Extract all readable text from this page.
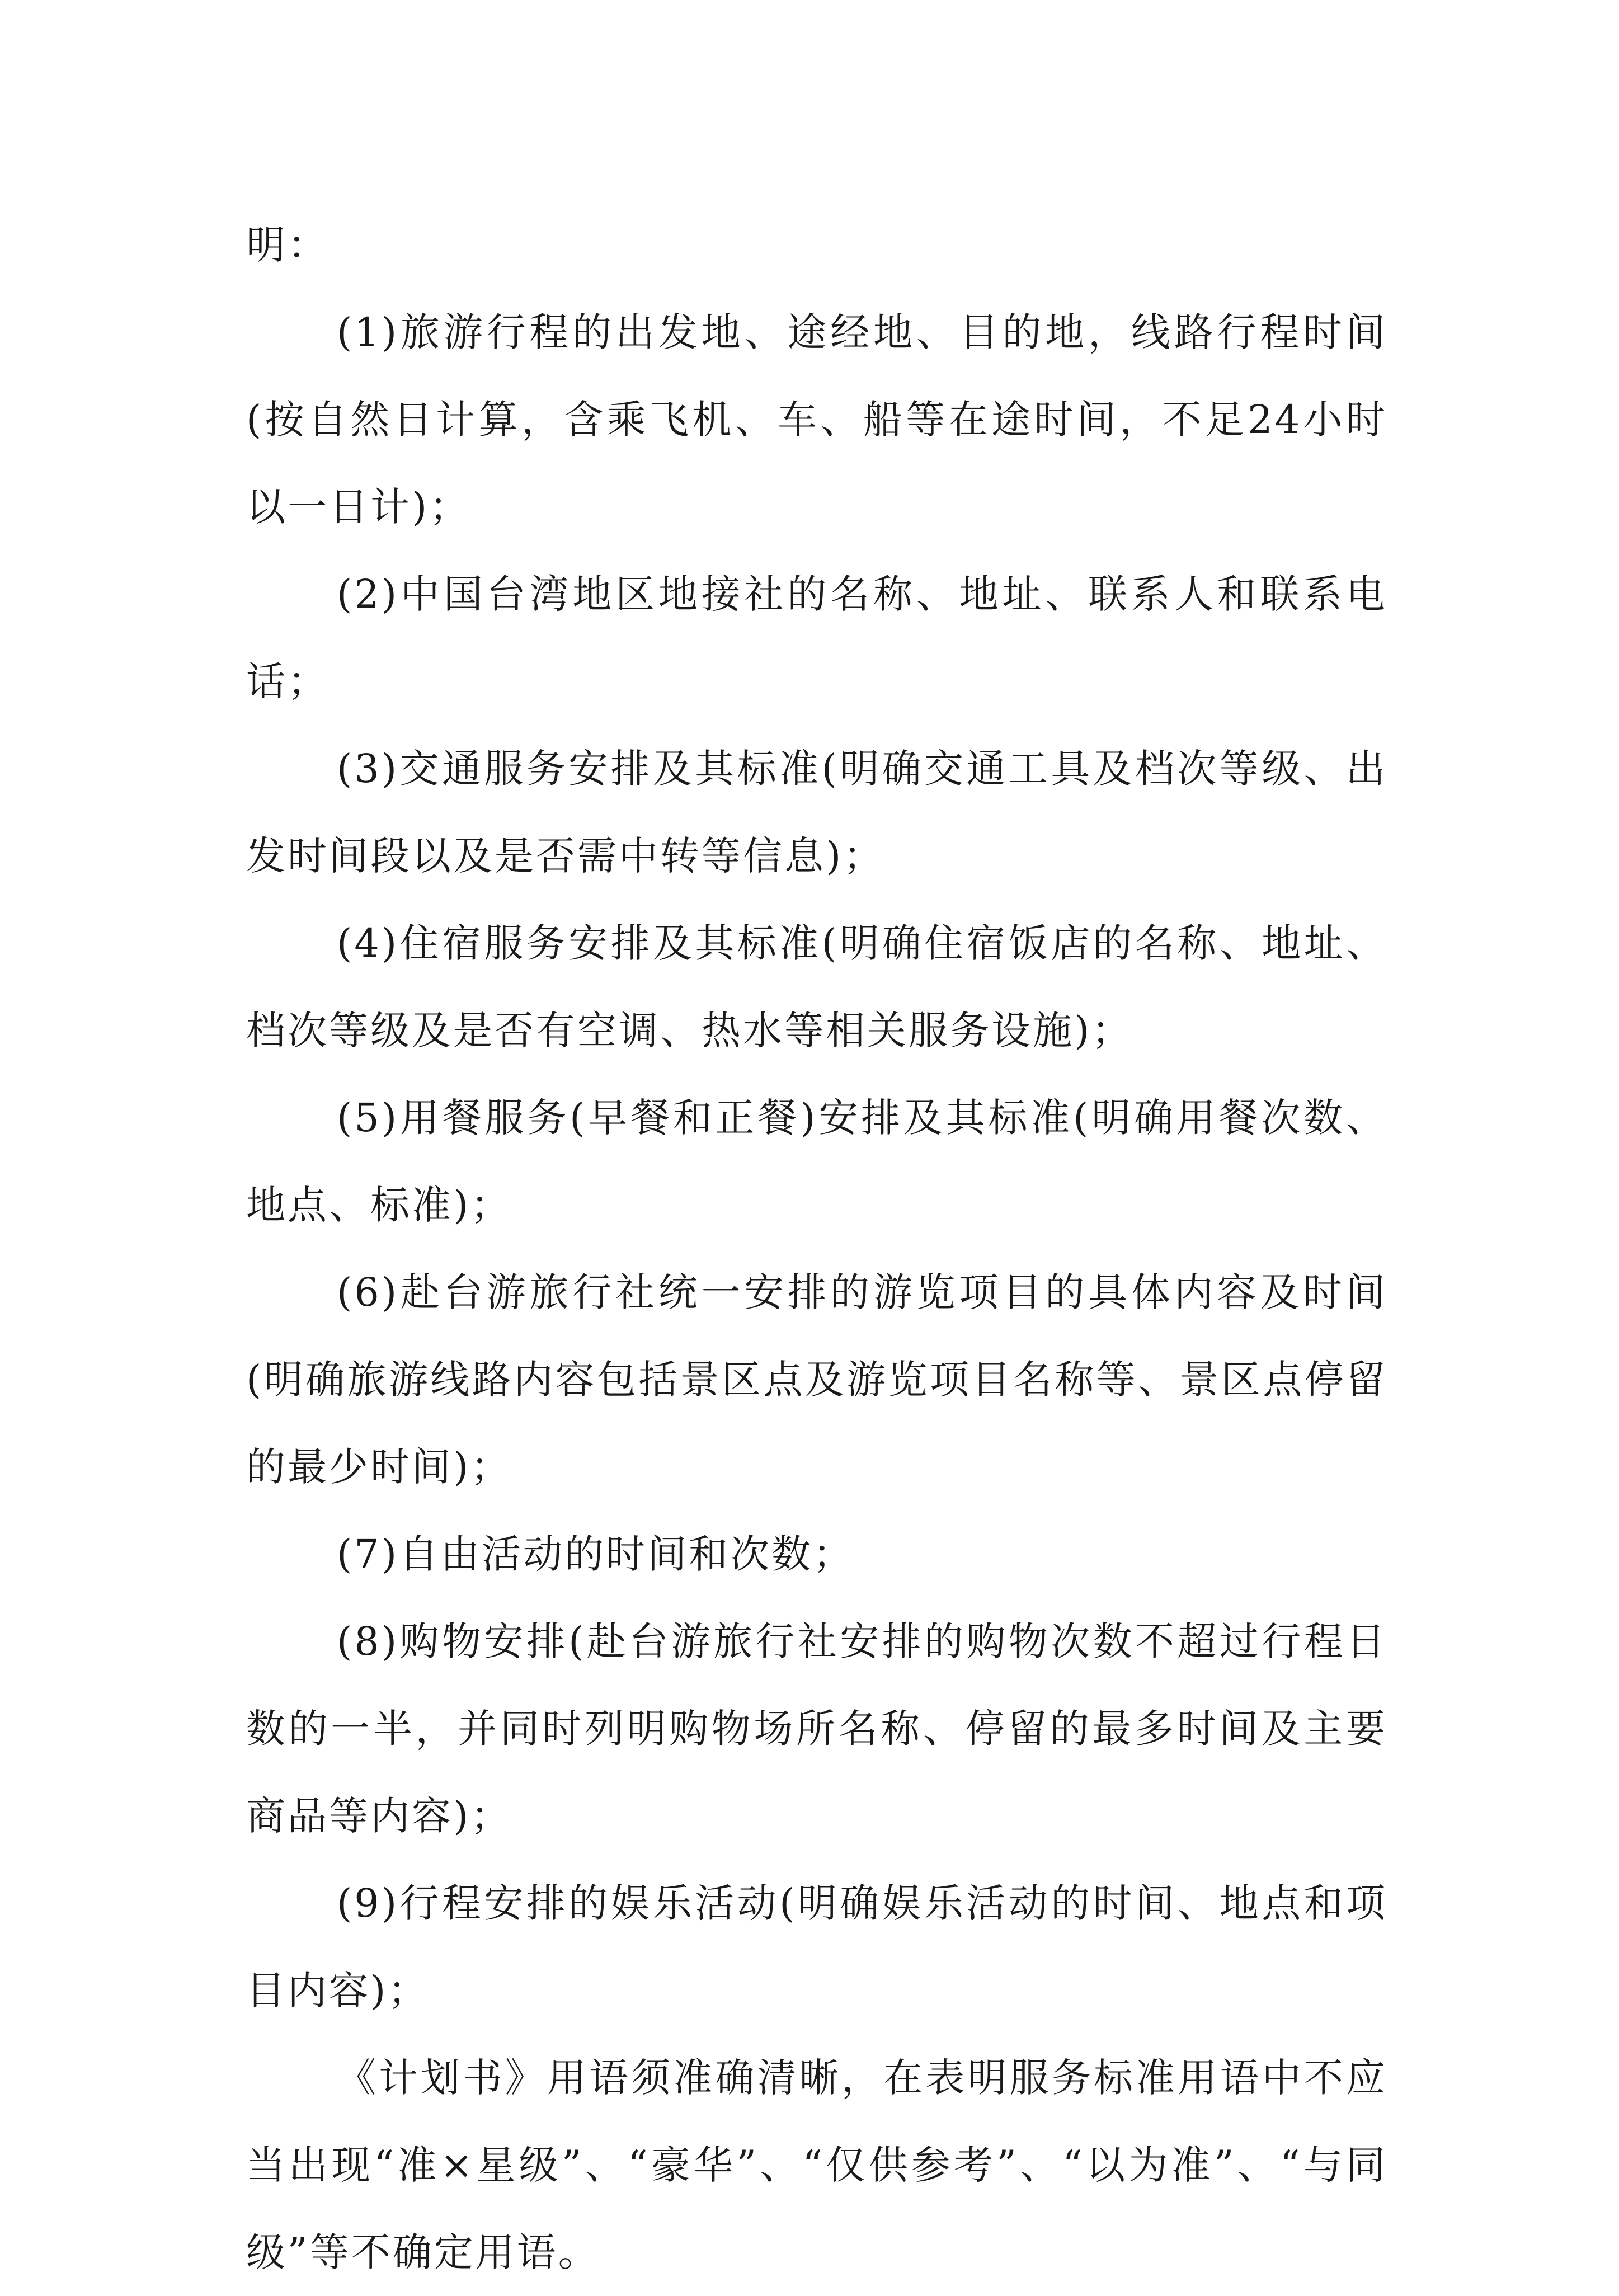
明：

(1)旅游行程的出发地、途经地、目的地，线路行程时间(按自然日计算，含乘飞机、车、船等在途时间，不足24小时以一日计)；

(2)中国台湾地区地接社的名称、地址、联系人和联系电话；

(3)交通服务安排及其标准(明确交通工具及档次等级、出发时间段以及是否需中转等信息)；

(4)住宿服务安排及其标准(明确住宿饭店的名称、地址、档次等级及是否有空调、热水等相关服务设施)；

(5)用餐服务(早餐和正餐)安排及其标准(明确用餐次数、地点、标准)；

(6)赴台游旅行社统一安排的游览项目的具体内容及时间(明确旅游线路内容包括景区点及游览项目名称等、景区点停留的最少时间)；

(7)自由活动的时间和次数；

(8)购物安排(赴台游旅行社安排的购物次数不超过行程日数的一半，并同时列明购物场所名称、停留的最多时间及主要商品等内容)；

(9)行程安排的娱乐活动(明确娱乐活动的时间、地点和项目内容)；

《计划书》用语须准确清晰，在表明服务标准用语中不应当出现“准×星级”、“豪华”、“仅供参考”、“以为准”、“与同级”等不确定用语。
